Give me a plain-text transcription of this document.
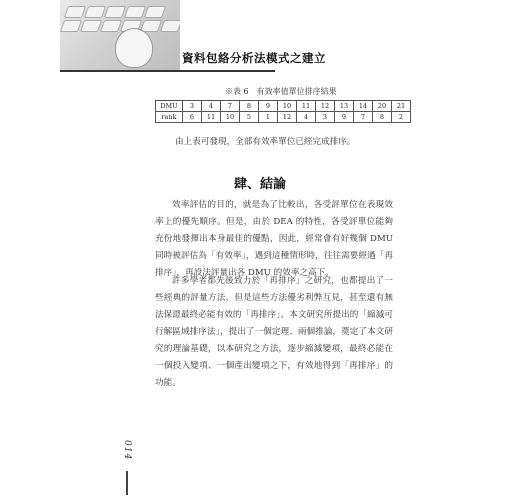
資料包絡分析法模式之建立
※表 6　有效率值單位排序結果
DMU	3	4	7	8	9	10	11	12	13	14	20	21
rank	6	11	10	5	1	12	4	3	9	7	8	2
由上表可發現，全部有效率單位已經完成排序。
肆、結論
效率評估的目的，就是為了比較出，各受評單位在表現效率上的優先順序。但是，由於 DEA 的特性，各受評單位能夠充份地發揮出本身最佳的優點，因此，經常會有好幾個 DMU 同時被評估為「有效率」，遇到這種情形時，往往需要經過「再排序」，再設法評量出各 DMU 的效率之高下。
許多學者都先後致力於「再排序」之研究，也都提出了一些經典的評量方法，但是這些方法優劣利弊互見，甚至還有無法保證最終必能有效的「再排序」。本文研究所提出的「縮減可行解區域排序法」，提出了一個定理、兩個推論，奠定了本文研究的理論基礎，以本研究之方法，逐步縮減變項，最終必能在一個投入變項、一個產出變項之下，有效地得到「再排序」的功能。
014
